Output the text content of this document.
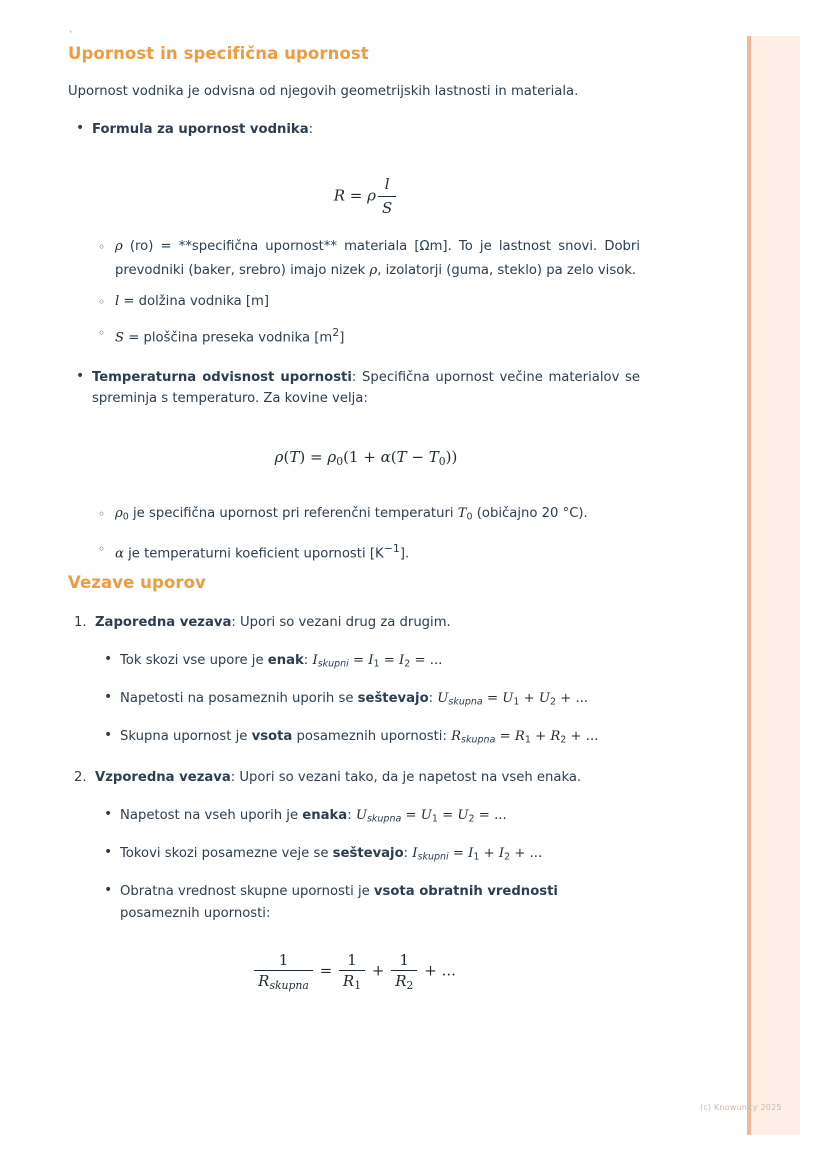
`
Upornost in specifična upornost

Upornost vodnika je odvisna od njegovih geometrijskih lastnosti in materiala.

• Formula za upornost vodnika:
R = ρ $\frac{l}{S}$
◦ ρ (ro) = **specifična upornost** materiala [Ωm]. To je lastnost snovi. Dobri prevodniki (baker, srebro) imajo nizek ρ, izolatorji (guma, steklo) pa zelo visok.
◦ l = dolžina vodnika [m]
◦ S = ploščina preseka vodnika $[m^2]$
• Temperaturna odvisnost upornosti: Specifična upornost večine materialov se spreminja s temperaturo. Za kovine velja:
$\rho(T) = \rho_0(1 + \alpha(T - T_0))$
◦ $\rho_0$ je specifična upornost pri referenčni temperaturi $T_0$ (običajno 20 °C).
◦ α je temperaturni koeficient upornosti $[K^{-1}]$.
Vezave uporov
Zaporedna vezava: Upori so vezani drug za drugim.
• Tok skozi vse upore je enak: $I_{skupni} = I_1 = I_2$ = ...
• Napetosti na posameznih uporih se seštevajo: $U_{skupna} = U_1 + U_2$ + ...
• Skupna upornost je vsota posameznih upornosti: $R_{skupna} = R_1 + R_2$ + ...
Vzporedna vezava: Upori so vezani tako, da je napetost na vseh enaka.
• Napetost na vseh uporih je enaka: $U_{skupna} = U_1 = U_2$ = ...
• Tokovi skozi posamezne veje se seštevajo: $I_{skupni} = I_1 + I_2$ + ...
• Obratna vrednost skupne upornosti je vsota obratnih vrednosti posameznih upornosti:
$\frac{1}{R_{skupna}} = \frac{1}{R_1} + \frac{1}{R_2}$ + ...
(c) Knowunity 2025
